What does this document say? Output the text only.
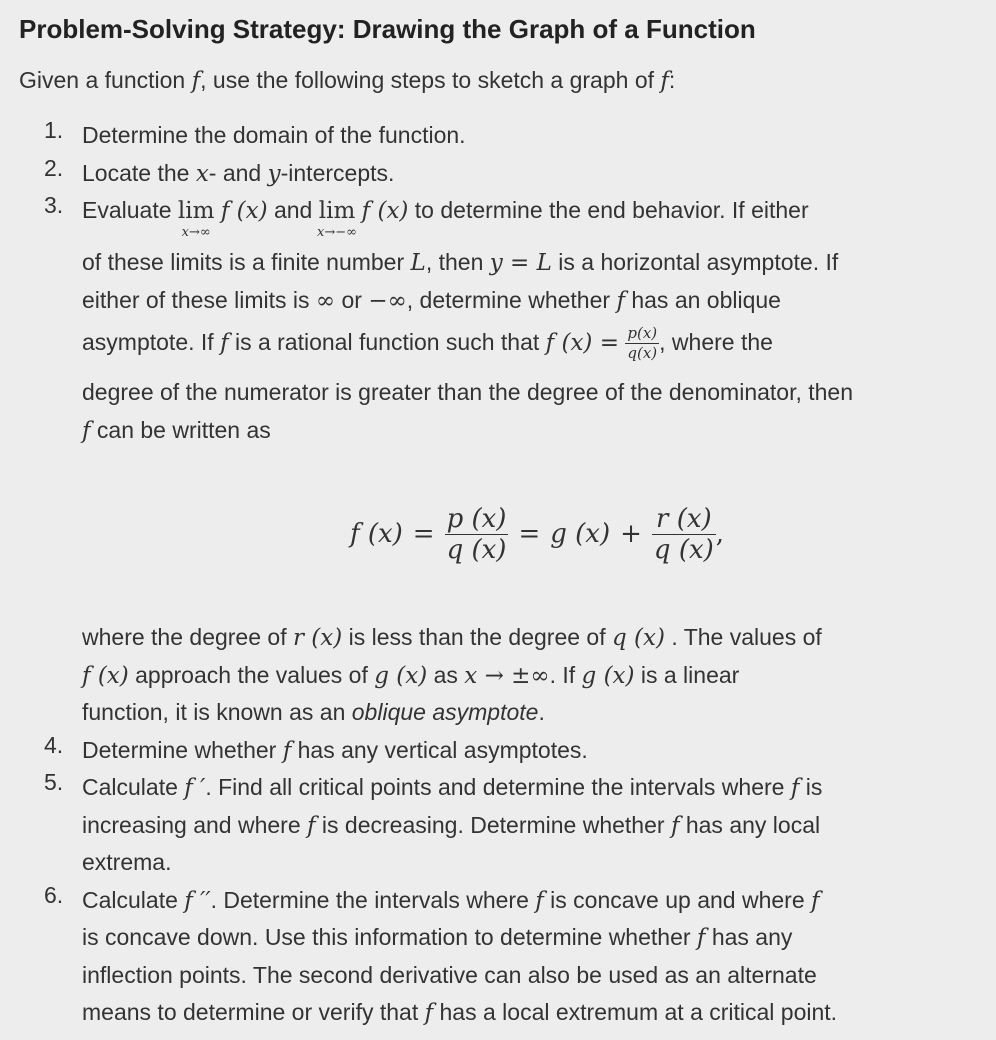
Problem-Solving Strategy: Drawing the Graph of a Function

Given a function f, use the following steps to sketch a graph of f:

1. Determine the domain of the function.
2. Locate the x- and y-intercepts.
3. Evaluate lim
x→∞
f (x) and lim
x→−∞
f (x) to determine the end behavior. If either
of these limits is a finite number L, then y = L is a horizontal asymptote. If
either of these limits is ∞ or −∞, determine whether f has an oblique
asymptote. If f is a rational function such that f $(x) = \frac{p(x)}{q(x)}$ , where the
degree of the numerator is greater than the degree of the denominator, then
f can be written as
f $(x) = \frac{p (x)}{q (x)} = g$ $(x) + \frac{r (x)}{q (x)}$ ,
where the degree of r (x) is less than the degree of q (x) . The values of
f (x) approach the values of g (x) as x → ±∞. If g (x) is a linear
function, it is known as an oblique asymptote.
4. Determine whether f has any vertical asymptotes.
5. Calculate f ′. Find all critical points and determine the intervals where f is
increasing and where f is decreasing. Determine whether f has any local
extrema.
6. Calculate f ′′. Determine the intervals where f is concave up and where f
is concave down. Use this information to determine whether f has any
inflection points. The second derivative can also be used as an alternate
means to determine or verify that f has a local extremum at a critical point.
